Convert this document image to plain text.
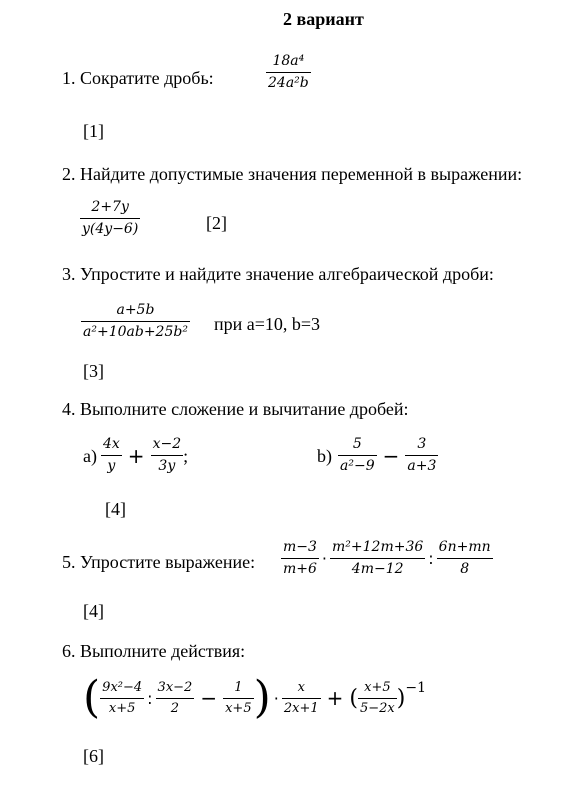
2 вариант
1. Сократите дробь:	$\frac{\text{18a⁴}}{\text{24a²b}}$
[1]
2. Найдите допустимые значения переменной в выражении:
$\frac{2+7y}{y(4y-6)}$	[2]
3. Упростите и найдите значение алгебраической дроби:
$\frac{a+5b}{\text{a²+10ab+25b²}}$ при a=10, b=3
[3]
4. Выполните сложение и вычитание дробей:
$а) \frac{4x}{y} + \frac{x-2}{3y}$ ;	$b) \frac{5}{\text{a²−9}} - \frac{3}{a+3}$
[4]
5. Упростите выражение: $\frac{m-3}{m+6} \cdot \frac{\text{m²+12m+36}}{4m-12}$ : $\frac{6n+mn}{8}$
[4]
6. Выполните действия:
( $\frac{\text{9x²−4}}{x+5}$ : $\frac{3x-2}{2} - \frac{1}{x+5}$ ) · $\frac{x}{2x+1}$ + ( $\frac{x+5}{5-2x}$ ) −1
[6]
